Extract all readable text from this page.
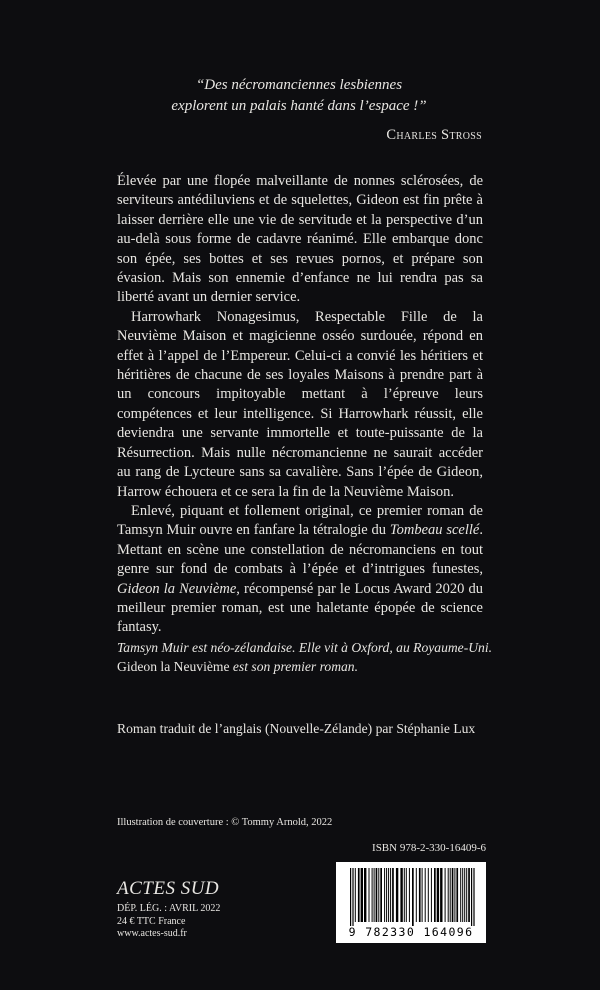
“Des nécromanciennes lesbiennes
explorent un palais hanté dans l’espace !”
Charles Stross

Élevée par une flopée malveillante de nonnes sclérosées, de serviteurs antédiluviens et de squelettes, Gideon est fin prête à laisser derrière elle une vie de servitude et la perspective d’un au-delà sous forme de cadavre réanimé. Elle embarque donc son épée, ses bottes et ses revues pornos, et prépare son évasion. Mais son ennemie d’enfance ne lui rendra pas sa liberté avant un dernier service.

Harrowhark Nonagesimus, Respectable Fille de la Neuvième Maison et magicienne osséo surdouée, répond en effet à l’appel de l’Empereur. Celui-ci a convié les héritiers et héritières de chacune de ses loyales Maisons à prendre part à un concours impitoyable mettant à l’épreuve leurs compétences et leur intelligence. Si Harrowhark réussit, elle deviendra une servante immortelle et toute-puissante de la Résurrection. Mais nulle nécromancienne ne saurait accéder au rang de Lycteure sans sa cavalière. Sans l’épée de Gideon, Harrow échouera et ce sera la fin de la Neuvième Maison.

Enlevé, piquant et follement original, ce premier roman de Tamsyn Muir ouvre en fanfare la tétralogie du Tombeau scellé. Mettant en scène une constellation de nécromanciens en tout genre sur fond de combats à l’épée et d’intrigues funestes, Gideon la Neuvième, récompensé par le Locus Award 2020 du meilleur premier roman, est une haletante épopée de science fantasy.

Tamsyn Muir est néo-zélandaise. Elle vit à Oxford, au Royaume-Uni.
Gideon la Neuvième est son premier roman.
Roman traduit de l’anglais (Nouvelle-Zélande) par Stéphanie Lux
Illustration de couverture : © Tommy Arnold, 2022
ISBN 978-2-330-16409-6
ACTES SUD
DÉP. LÉG. : AVRIL 2022
24 € TTC France
www.actes-sud.fr	9 782330 164096
